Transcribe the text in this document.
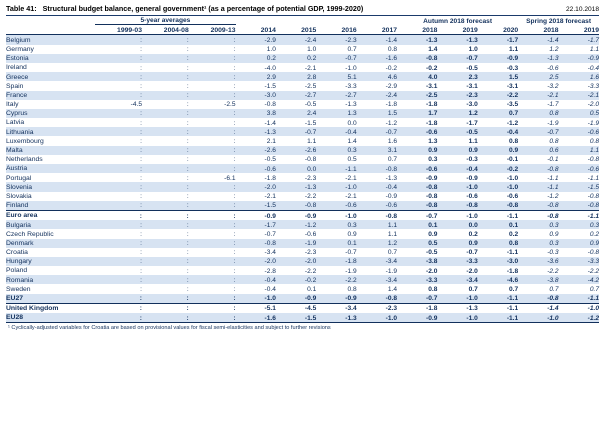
Table 41: Structural budget balance, general government¹ (as a percentage of potential GDP, 1999-2020)	22.10.2018

	5-year averages							Autumn 2018 forecast			Spring 2018 forecast	
	1999-03	2004-08	2009-13	2014	2015	2016	2017	2018	2019	2020	2018	2019
Belgium	:	:	:	-2.9	-2.4	-2.3	-1.4	-1.3	-1.3	-1.7	-1.4	-1.7
Germany	:	:	:	1.0	1.0	0.7	0.8	1.4	1.0	1.1	1.2	1.1
Estonia	:	:	:	0.2	0.2	-0.7	-1.6	-0.8	-0.7	-0.9	-1.3	-0.9
Ireland	:	:	:	-4.0	-2.1	-1.0	-0.2	-0.2	-0.5	-0.3	-0.6	-0.4
Greece	:	:	:	2.9	2.8	5.1	4.6	4.0	2.3	1.5	2.5	1.6
Spain	:	:	:	-1.5	-2.5	-3.3	-2.9	-3.1	-3.1	-3.1	-3.2	-3.3
France	:	:	:	-3.0	-2.7	-2.7	-2.4	-2.5	-2.3	-2.2	-2.1	-2.1
Italy	-4.5	:	-2.5	-0.8	-0.5	-1.3	-1.8	-1.8	-3.0	-3.5	-1.7	-2.0
Cyprus	:	:	:	3.8	2.4	1.3	1.5	1.7	1.2	0.7	0.8	0.5
Latvia	:	:	:	-1.4	-1.5	0.0	-1.2	-1.8	-1.7	-1.2	-1.9	-1.9
Lithuania	:	:	:	-1.3	-0.7	-0.4	-0.7	-0.6	-0.5	-0.4	-0.7	-0.6
Luxembourg	:	:	:	2.1	1.1	1.4	1.6	1.3	1.1	0.8	0.8	0.8
Malta	:	:	:	-2.6	-2.6	0.3	3.1	0.9	0.9	0.9	0.6	1.1
Netherlands	:	:	:	-0.5	-0.8	0.5	0.7	0.3	-0.3	-0.1	-0.1	-0.8
Austria	:	:	:	-0.6	0.0	-1.1	-0.8	-0.6	-0.4	-0.2	-0.8	-0.6
Portugal	:	:	-6.1	-1.8	-2.3	-2.1	-1.3	-0.9	-0.9	-1.0	-1.1	-1.1
Slovenia	:	:	:	-2.0	-1.3	-1.0	-0.4	-0.8	-1.0	-1.0	-1.1	-1.5
Slovakia	:	:	:	-2.1	-2.2	-2.1	-0.9	-0.8	-0.6	-0.6	-1.2	-0.8
Finland	:	:	:	-1.5	-0.8	-0.6	-0.6	-0.8	-0.8	-0.8	-0.8	-0.8
Euro area	:	:	:	-0.9	-0.9	-1.0	-0.8	-0.7	-1.0	-1.1	-0.8	-1.1
Bulgaria	:	:	:	-1.7	-1.2	0.3	1.1	0.1	0.0	0.1	0.3	0.3
Czech Republic	:	:	:	-0.7	-0.6	0.9	1.1	0.9	0.2	0.2	0.9	0.2
Denmark	:	:	:	-0.8	-1.9	0.1	1.2	0.5	0.9	0.8	0.3	0.9
Croatia	:	:	:	-3.4	-2.3	-0.7	0.7	-0.5	-0.7	-1.1	-0.3	-0.8
Hungary	:	:	:	-2.0	-2.0	-1.8	-3.4	-3.8	-3.3	-3.0	-3.6	-3.3
Poland	:	:	:	-2.8	-2.2	-1.9	-1.9	-2.0	-2.0	-1.8	-2.2	-2.2
Romania	:	:	:	-0.4	-0.2	-2.2	-3.4	-3.3	-3.4	-4.6	-3.8	-4.2
Sweden	:	:	:	-0.4	0.1	0.8	1.4	0.8	0.7	0.7	0.7	0.7
EU27	:	:	:	-1.0	-0.9	-0.9	-0.8	-0.7	-1.0	-1.1	-0.8	-1.1
United Kingdom	:	:	:	-5.1	-4.5	-3.4	-2.3	-1.8	-1.3	-1.1	-1.4	-1.0
EU28	:	:	:	-1.6	-1.5	-1.3	-1.0	-0.9	-1.0	-1.1	-1.0	-1.2
¹ Cyclically-adjusted variables for Croatia are based on provisional values for fiscal semi-elasticities and subject to further revisions
